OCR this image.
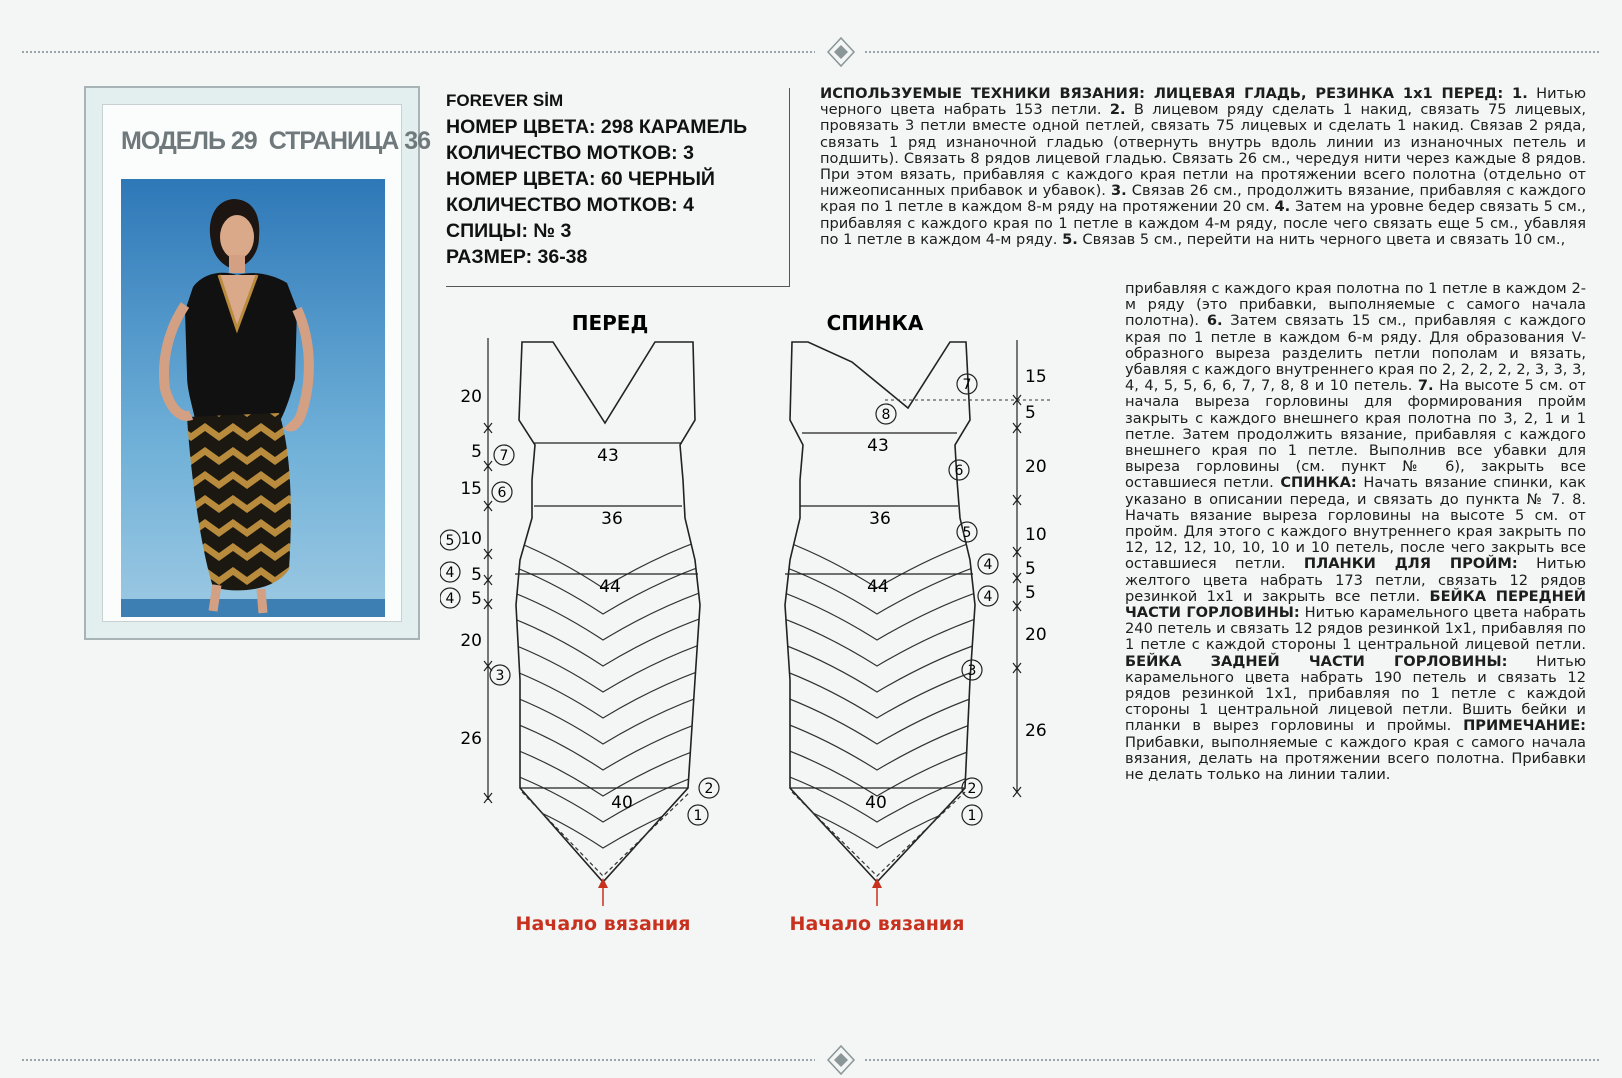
МОДЕЛЬ 29 СТРАНИЦА 36
FOREVER SİM
НОМЕР ЦВЕТА: 298 КАРАМЕЛЬ
КОЛИЧЕСТВО МОТКОВ: 3
НОМЕР ЦВЕТА: 60 ЧЕРНЫЙ
КОЛИЧЕСТВО МОТКОВ: 4
СПИЦЫ: № 3
РАЗМЕР: 36-38
ИСПОЛЬЗУЕМЫЕ ТЕХНИКИ ВЯЗАНИЯ: ЛИЦЕВАЯ ГЛАДЬ, РЕЗИНКА 1x1 ПЕРЕД: 1. Нитью черного цвета набрать 153 петли. 2. В лицевом ряду сделать 1 накид, связать 75 лицевых, провязать 3 петли вместе одной петлей, связать 75 лицевых и сделать 1 накид. Связав 2 ряда, связать 1 ряд изнаночной гладью (отвернуть внутрь вдоль линии из изнаночных петель и подшить). Связать 8 рядов лицевой гладью. Связать 26 см., чередуя нити через каждые 8 рядов. При этом вязать, прибавляя с каждого края петли на протяжении всего полотна (отдельно от нижеописанных прибавок и убавок). 3. Связав 26 см., продолжить вязание, прибавляя с каждого края по 1 петле в каждом 8-м ряду на протяжении 20 см. 4. Затем на уровне бедер связать 5 см., прибавляя с каждого края по 1 петле в каждом 4-м ряду, после чего связать еще 5 см., убавляя по 1 петле в каждом 4-м ряду. 5. Связав 5 см., перейти на нить черного цвета и связать 10 см.,
прибавляя с каждого края полотна по 1 петле в каждом 2-м ряду (это прибавки, выполняемые с самого начала полотна). 6. Затем связать 15 см., прибавляя с каждого края по 1 петле в каждом 6-м ряду. Для образования V-образного выреза разделить петли пополам и вязать, убавляя с каждого внутреннего края по 2, 2, 2, 2, 2, 3, 3, 3, 4, 4, 5, 5, 6, 6, 7, 7, 8, 8 и 10 петель. 7. На высоте 5 см. от начала выреза горловины для формирования пройм закрыть с каждого внешнего края полотна по 3, 2, 1 и 1 петле. Затем продолжить вязание, прибавляя с каждого внешнего края по 1 петле. Выполнив все убавки для выреза горловины (см. пункт № 6), закрыть все оставшиеся петли. СПИНКА: Начать вязание спинки, как указано в описании переда, и связать до пункта № 7. 8. Начать вязание выреза горловины на высоте 5 см. от пройм. Для этого с каждого внутреннего края закрыть по 12, 12, 12, 10, 10, 10 и 10 петель, после чего закрыть все оставшиеся петли. ПЛАНКИ ДЛЯ ПРОЙМ: Нитью желтого цвета набрать 173 петли, связать 12 рядов резинкой 1x1 и закрыть все петли. БЕЙКА ПЕРЕДНЕЙ ЧАСТИ ГОРЛОВИНЫ: Нитью карамельного цвета набрать 240 петель и связать 12 рядов резинкой 1x1, прибавляя по 1 петле с каждой стороны 1 центральной лицевой петли. БЕЙКА ЗАДНЕЙ ЧАСТИ ГОРЛОВИНЫ: Нитью карамельного цвета набрать 190 петель и связать 12 рядов резинкой 1x1, прибавляя по 1 петле с каждой стороны 1 центральной лицевой петли. Вшить бейки и планки в вырез горловины и проймы. ПРИМЕЧАНИЕ: Прибавки, выполняемые с каждого края с самого начала вязания, делать на протяжении всего полотна. Прибавки не делать только на линии талии.
ПЕРЕД	СПИНКА
43
36
44
40
43
36
44
40
20
5
15
10
5
5
20
26
15
5
20
10
5
5
20
26
7
6
5
4
4
3
2
1
7
8
6
5
4
4
3
2
1
Начало вязания	Начало вязания
